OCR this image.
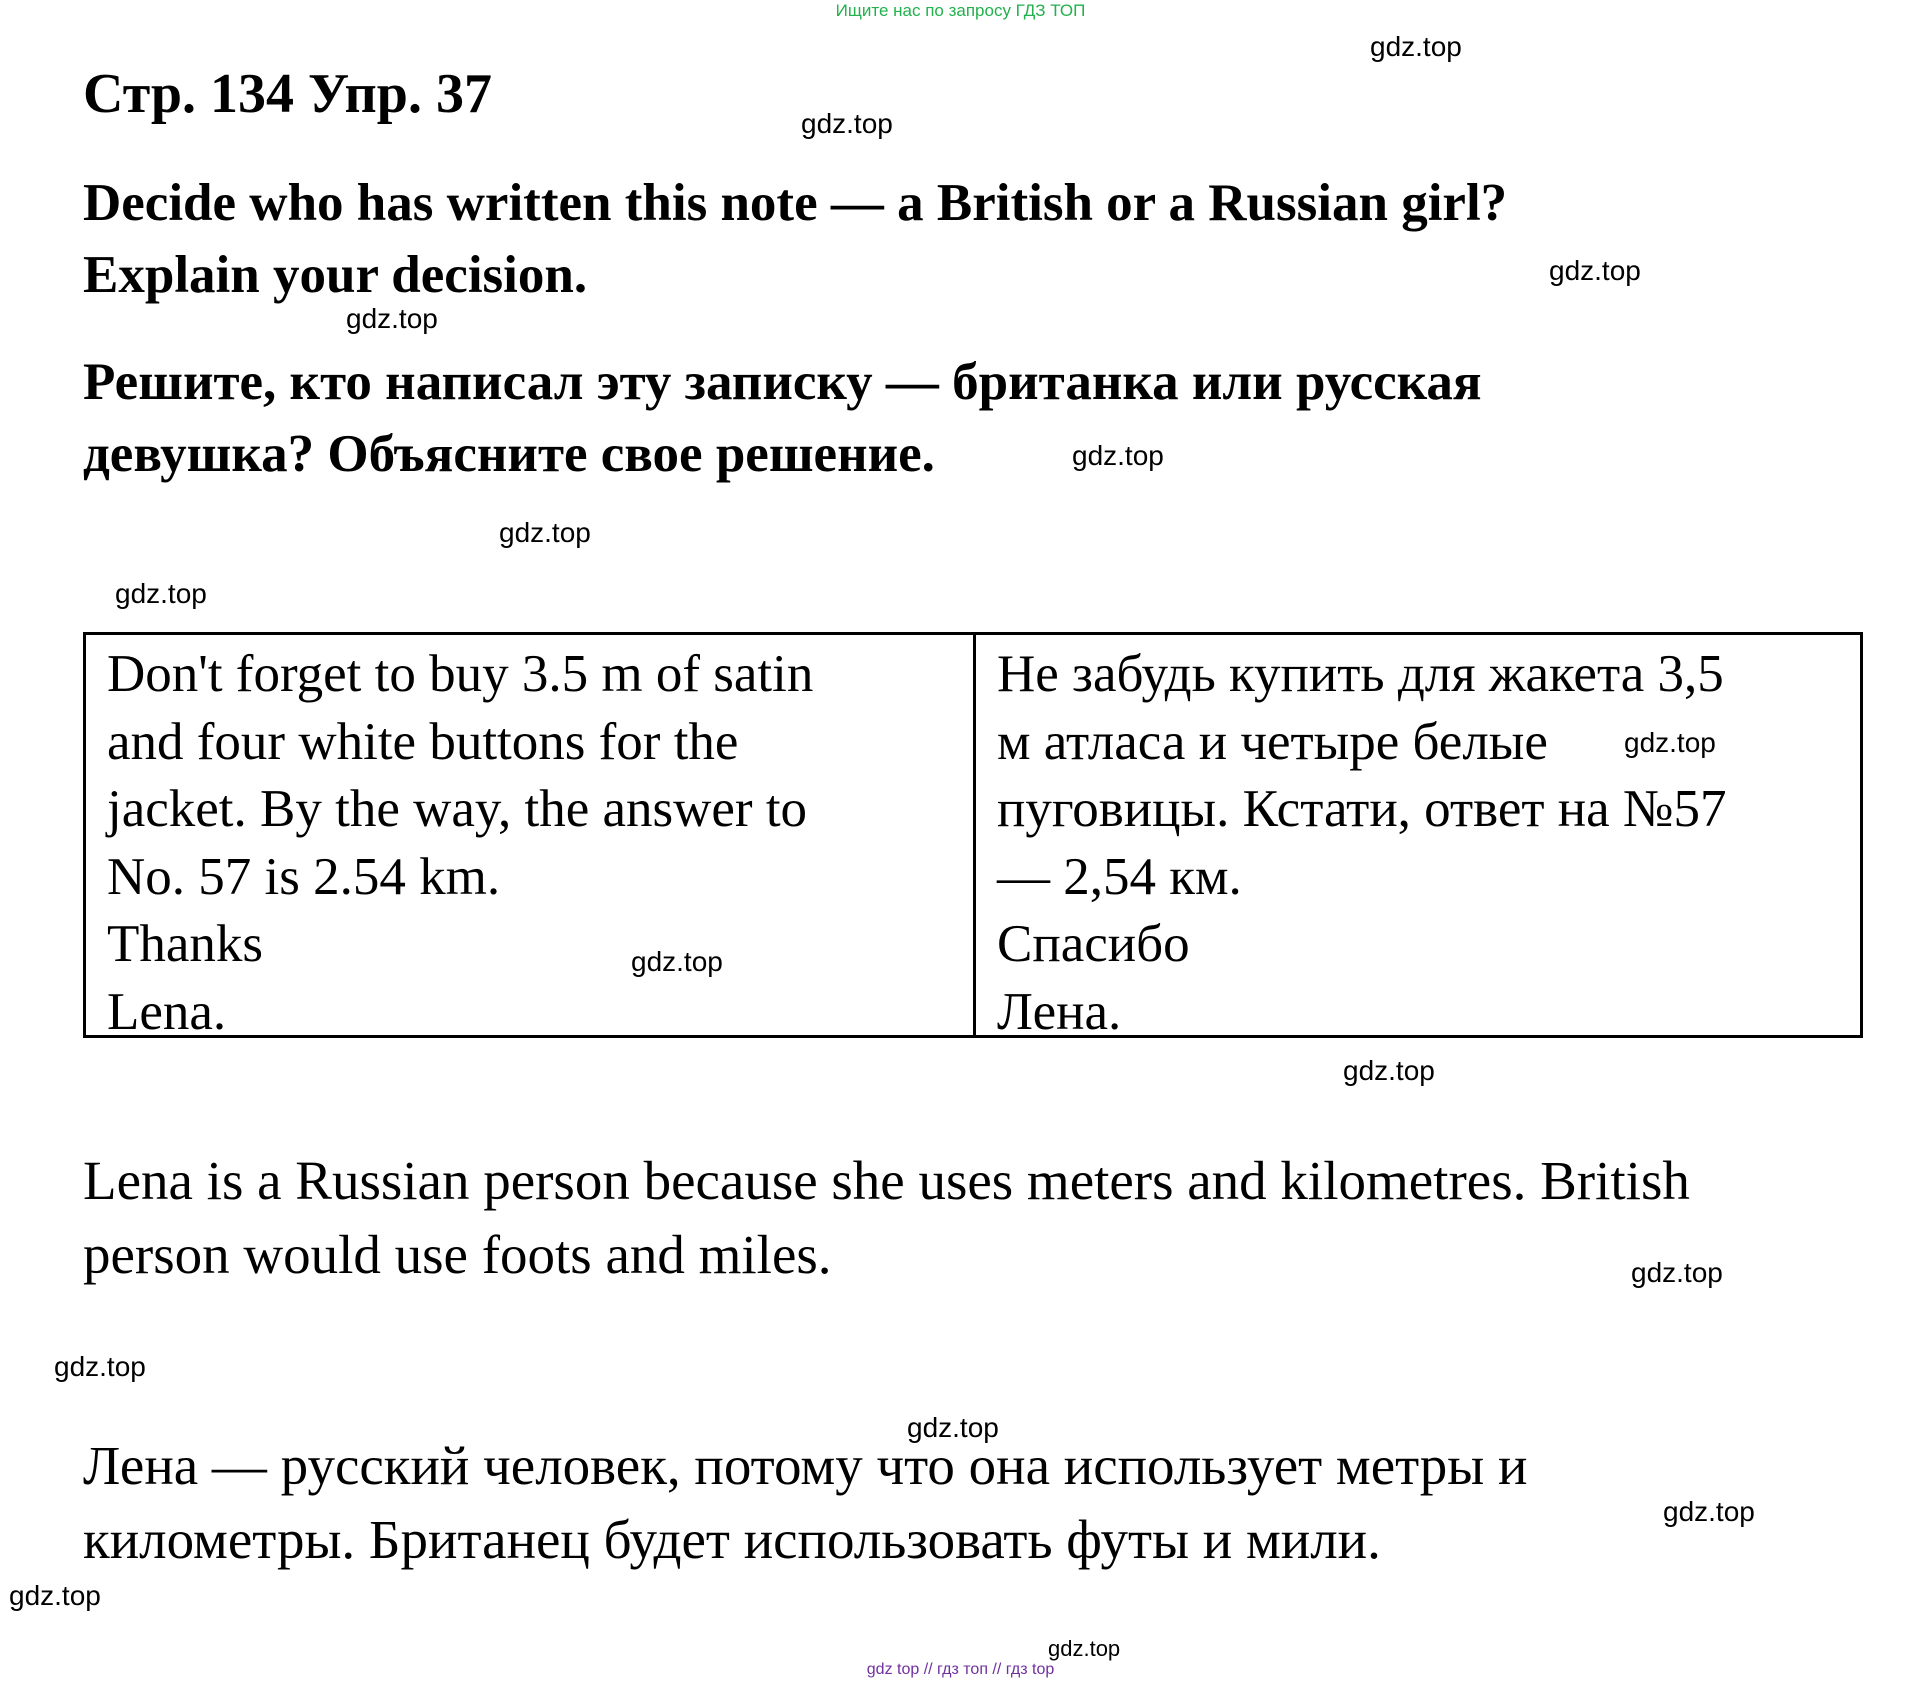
Ищите нас по запросу ГДЗ ТОП
Стр. 134 Упр. 37
Decide who has written this note — a British or a Russian girl?
Explain your decision.
Решите, кто написал эту записку — британка или русская
девушка? Объясните свое решение.
Don't forget to buy 3.5 m of satin
and four white buttons for the
jacket. By the way, the answer to
No. 57 is 2.54 km.
Thanks
Lena.
Не забудь купить для жакета 3,5
м атласа и четыре белые
пуговицы. Кстати, ответ на №57
— 2,54 км.
Спасибо
Лена.
Lena is a Russian person because she uses meters and kilometres. British
person would use foots and miles.
Лена — русский человек, потому что она использует метры и
километры. Британец будет использовать футы и мили.
gdz.top
gdz.top
gdz.top
gdz.top
gdz.top
gdz.top
gdz.top
gdz.top
gdz.top
gdz.top
gdz.top
gdz.top
gdz.top
gdz.top
gdz.top
gdz.top
gdz top // гдз топ // гдз top
